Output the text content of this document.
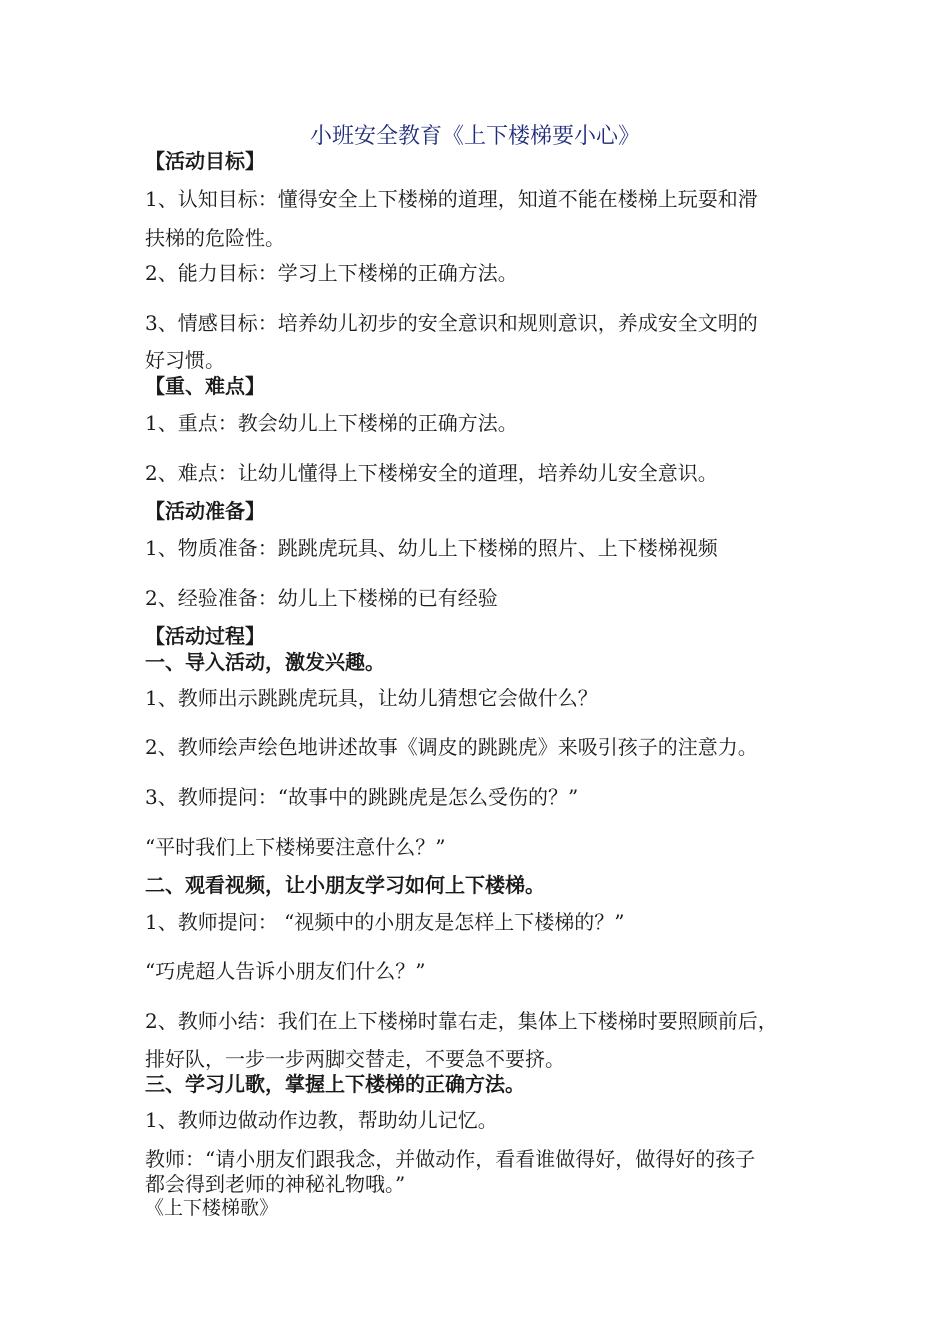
小班安全教育《上下楼梯要小心》
【活动目标】
1、认知目标：懂得安全上下楼梯的道理，知道不能在楼梯上玩耍和滑
扶梯的危险性。
2、能力目标：学习上下楼梯的正确方法。
3、情感目标：培养幼儿初步的安全意识和规则意识，养成安全文明的
好习惯。
【重、难点】
1、重点：教会幼儿上下楼梯的正确方法。
2、难点：让幼儿懂得上下楼梯安全的道理，培养幼儿安全意识。
【活动准备】
1、物质准备：跳跳虎玩具、幼儿上下楼梯的照片、上下楼梯视频
2、经验准备：幼儿上下楼梯的已有经验
【活动过程】
一、导入活动，激发兴趣。
1、教师出示跳跳虎玩具，让幼儿猜想它会做什么？
2、教师绘声绘色地讲述故事《调皮的跳跳虎》来吸引孩子的注意力。
3、教师提问：“故事中的跳跳虎是怎么受伤的？”
“平时我们上下楼梯要注意什么？”
二、观看视频，让小朋友学习如何上下楼梯。
1、教师提问： “视频中的小朋友是怎样上下楼梯的？”
“巧虎超人告诉小朋友们什么？”
2、教师小结：我们在上下楼梯时靠右走，集体上下楼梯时要照顾前后，
排好队，一步一步两脚交替走，不要急不要挤。
三、学习儿歌，掌握上下楼梯的正确方法。
1、教师边做动作边教，帮助幼儿记忆。
教师：“请小朋友们跟我念，并做动作，看看谁做得好，做得好的孩子
都会得到老师的神秘礼物哦。”
《上下楼梯歌》
